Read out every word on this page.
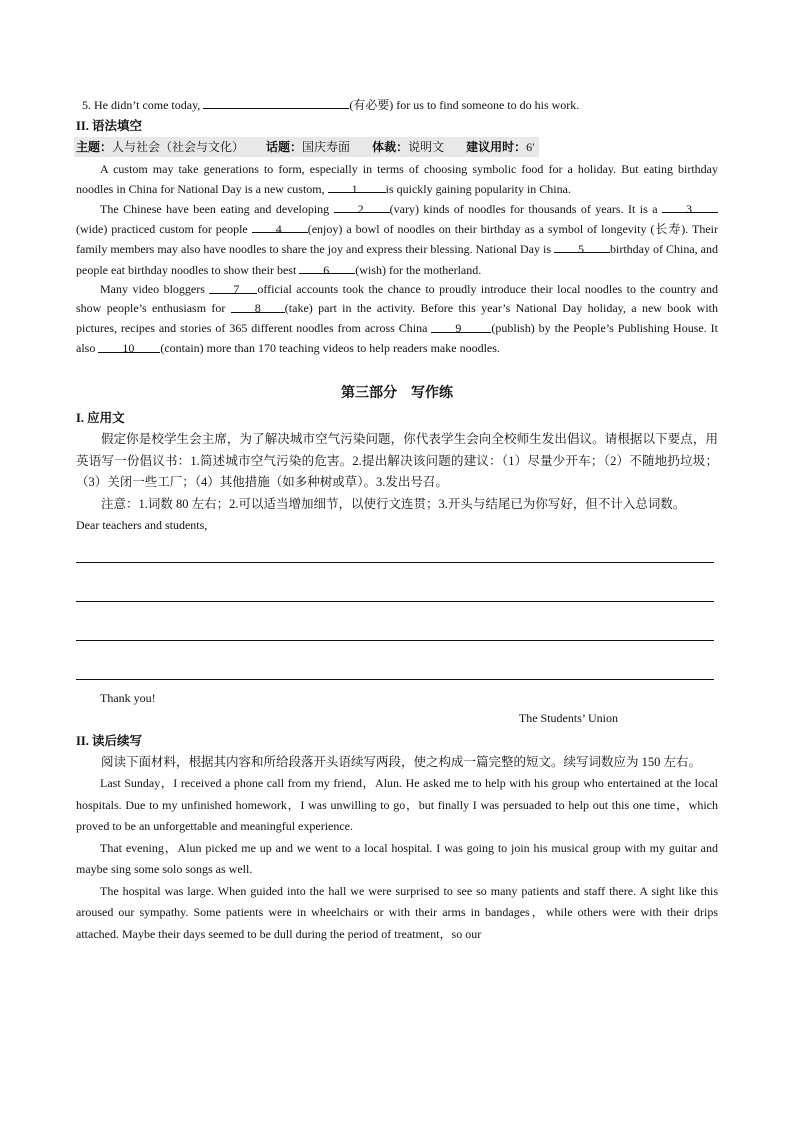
5. He didn’t come today,	(有必要) for us to find someone to do his work.
II. 语法填空
主题：人与社会（社会与文化） 话题：国庆寿面 体裁：说明文 建议用时：6′

A custom may take generations to form, especially in terms of choosing symbolic food for a holiday. But eating birthday noodles in China for National Day is a new custom, 1 is quickly gaining popularity in China.

The Chinese have been eating and developing 2 (vary) kinds of noodles for thousands of years. It is a 3 (wide) practiced custom for people 4 (enjoy) a bowl of noodles on their birthday as a symbol of longevity (长寿). Their family members may also have noodles to share the joy and express their blessing. National Day is 5 birthday of China, and people eat birthday noodles to show their best 6 (wish) for the motherland.

Many video bloggers 7 official accounts took the chance to proudly introduce their local noodles to the country and show people’s enthusiasm for 8 (take) part in the activity. Before this year’s National Day holiday, a new book with pictures, recipes and stories of 365 different noodles from across China 9	(publish) by the People’s Publishing House. It also 10 (contain) more than 170 teaching videos to help readers make noodles.

第三部分　写作练
I. 应用文

假定你是校学生会主席，为了解决城市空气污染问题，你代表学生会向全校师生发出倡议。请根据以下要点，用英语写一份倡议书：1.简述城市空气污染的危害。2.提出解决该问题的建议：（1）尽量少开车；（2）不随地扔垃圾；（3）关闭一些工厂；（4）其他措施（如多种树或草）。3.发出号召。

注意：1.词数 80 左右；2.可以适当增加细节，以使行文连贯；3.开头与结尾已为你写好，但不计入总词数。

Dear teachers and students,
Thank you!
The Students’ Union
II. 读后续写

阅读下面材料，根据其内容和所给段落开头语续写两段，使之构成一篇完整的短文。续写词数应为 150 左右。

Last Sunday，I received a phone call from my friend，Alun. He asked me to help with his group who entertained at the local hospitals. Due to my unfinished homework，I was unwilling to go，but finally I was persuaded to help out this one time，which proved to be an unforgettable and meaningful experience.

That evening，Alun picked me up and we went to a local hospital. I was going to join his musical group with my guitar and maybe sing some solo songs as well.

The hospital was large. When guided into the hall we were surprised to see so many patients and staff there. A sight like this aroused our sympathy. Some patients were in wheelchairs or with their arms in bandages，while others were with their drips attached. Maybe their days seemed to be dull during the period of treatment，so our
